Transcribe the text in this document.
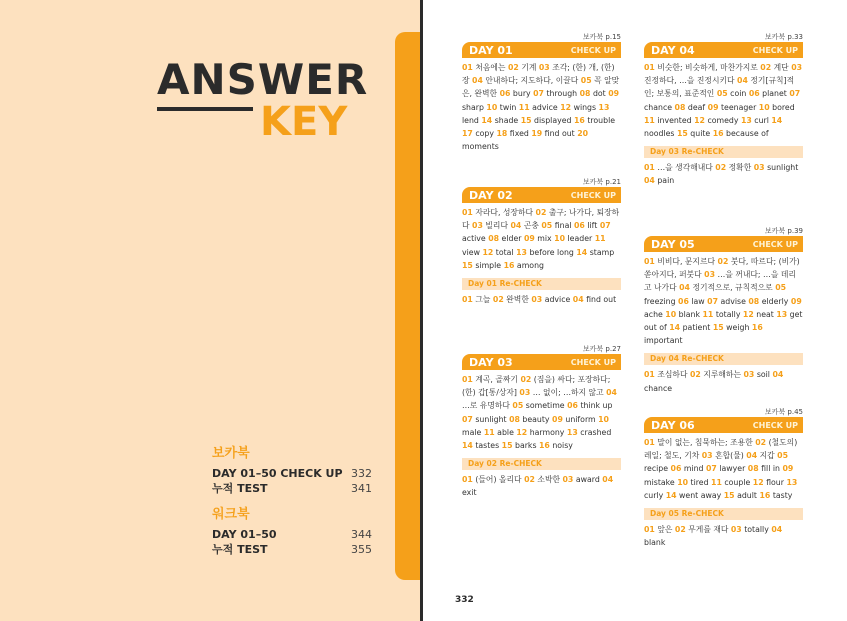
ANSWER
KEY
보카북
DAY 01–50 CHECK UP 332
누적 TEST	341
워크북
DAY 01–50	344
누적 TEST	355
보카북 p.15
DAY 01	CHECK UP
01 처음에는 02 기계 03 조각; (한) 개, (한) 장 04 안내하다; 지도하다, 이끌다 05 꼭 알맞은, 완벽한 06 bury 07 through 08 dot 09 sharp 10 twin 11 advice 12 wings 13 lend 14 shade 15 displayed 16 trouble 17 copy 18 fixed 19 find out 20 moments
보카북 p.21
DAY 02	CHECK UP
01 자라다, 성장하다 02 출구; 나가다, 퇴장하다 03 빌리다 04 곤충 05 final 06 lift 07 active 08 elder 09 mix 10 leader 11 view 12 total 13 before long 14 stamp 15 simple 16 among
Day 01 Re-CHECK
01 그늘 02 완벽한 03 advice 04 find out
보카북 p.27
DAY 03	CHECK UP
01 계곡, 골짜기 02 (짐을) 싸다; 포장하다; (한) 갑[통/상자] 03 … 없이; …하지 않고 04 …로 유명하다 05 sometime 06 think up 07 sunlight 08 beauty 09 uniform 10 male 11 able 12 harmony 13 crashed 14 tastes 15 barks 16 noisy
Day 02 Re-CHECK
01 (들어) 올리다 02 소박한 03 award 04 exit
보카북 p.33
DAY 04	CHECK UP
01 비슷한; 비슷하게, 마찬가지로 02 계단 03 진정하다, …을 진정시키다 04 정기[규칙]적인; 보통의, 표준적인 05 coin 06 planet 07 chance 08 deaf 09 teenager 10 bored 11 invented 12 comedy 13 curl 14 noodles 15 quite 16 because of
Day 03 Re-CHECK
01 …을 생각해내다 02 정확한 03 sunlight 04 pain
보카북 p.39
DAY 05	CHECK UP
01 비비다, 문지르다 02 붓다, 따르다; (비가) 쏟아지다, 퍼붓다 03 …을 꺼내다; …을 데리고 나가다 04 정기적으로, 규칙적으로 05 freezing 06 law 07 advise 08 elderly 09 ache 10 blank 11 totally 12 neat 13 get out of 14 patient 15 weigh 16 important
Day 04 Re-CHECK
01 조심하다 02 지루해하는 03 soil 04 chance
보카북 p.45
DAY 06	CHECK UP
01 말이 없는, 침묵하는; 조용한 02 (철도의) 레일; 철도, 기차 03 혼합(물) 04 지갑 05 recipe 06 mind 07 lawyer 08 fill in 09 mistake 10 tired 11 couple 12 flour 13 curly 14 went away 15 adult 16 tasty
Day 05 Re-CHECK
01 앞은 02 무게를 재다 03 totally 04 blank
332
